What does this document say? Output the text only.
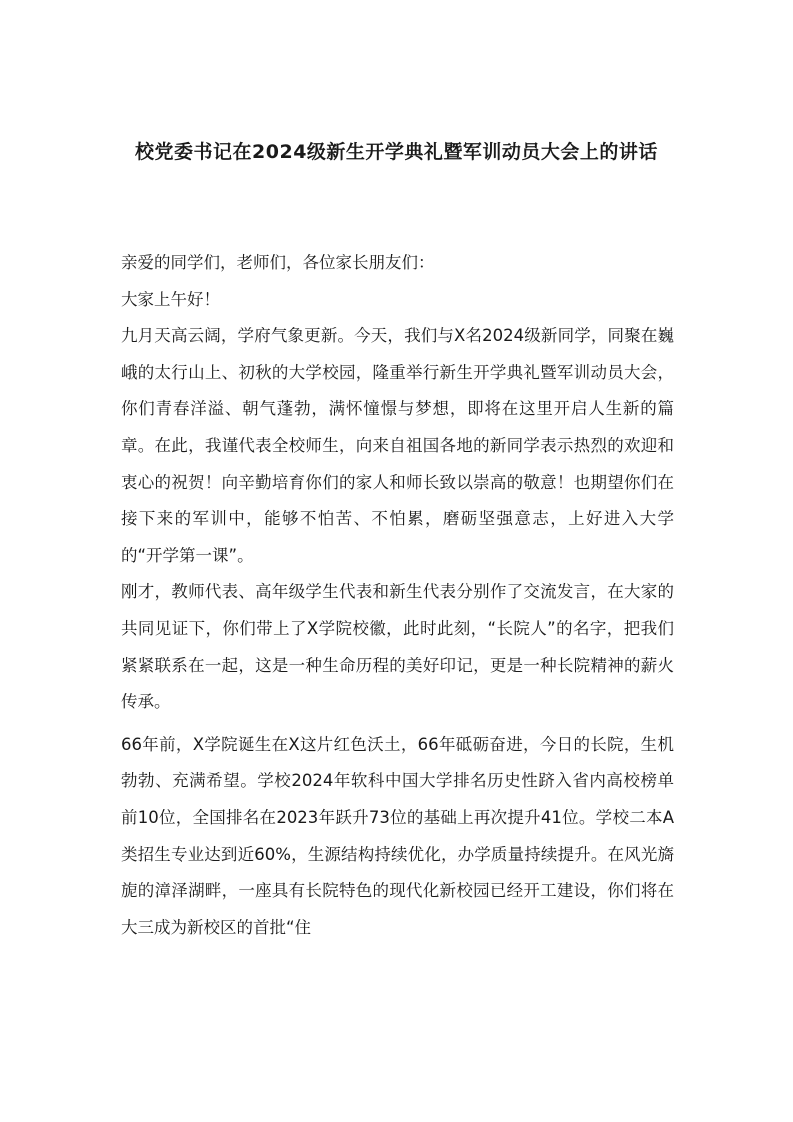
校党委书记在2024级新生开学典礼暨军训动员大会上的讲话

亲爱的同学们，老师们，各位家长朋友们：

大家上午好！

九月天高云阔，学府气象更新。今天，我们与X名2024级新同学，同聚在巍峨的太行山上、初秋的大学校园，隆重举行新生开学典礼暨军训动员大会，你们青春洋溢、朝气蓬勃，满怀憧憬与梦想，即将在这里开启人生新的篇章。在此，我谨代表全校师生，向来自祖国各地的新同学表示热烈的欢迎和衷心的祝贺！向辛勤培育你们的家人和师长致以崇高的敬意！也期望你们在接下来的军训中，能够不怕苦、不怕累，磨砺坚强意志，上好进入大学的“开学第一课”。

刚才，教师代表、高年级学生代表和新生代表分别作了交流发言，在大家的共同见证下，你们带上了X学院校徽，此时此刻，“长院人”的名字，把我们紧紧联系在一起，这是一种生命历程的美好印记，更是一种长院精神的薪火传承。

66年前，X学院诞生在X这片红色沃土，66年砥砺奋进，今日的长院，生机勃勃、充满希望。学校2024年软科中国大学排名历史性跻入省内高校榜单前10位，全国排名在2023年跃升73位的基础上再次提升41位。学校二本A类招生专业达到近60%，生源结构持续优化，办学质量持续提升。在风光旖旎的漳泽湖畔，一座具有长院特色的现代化新校园已经开工建设，你们将在大三成为新校区的首批“住
